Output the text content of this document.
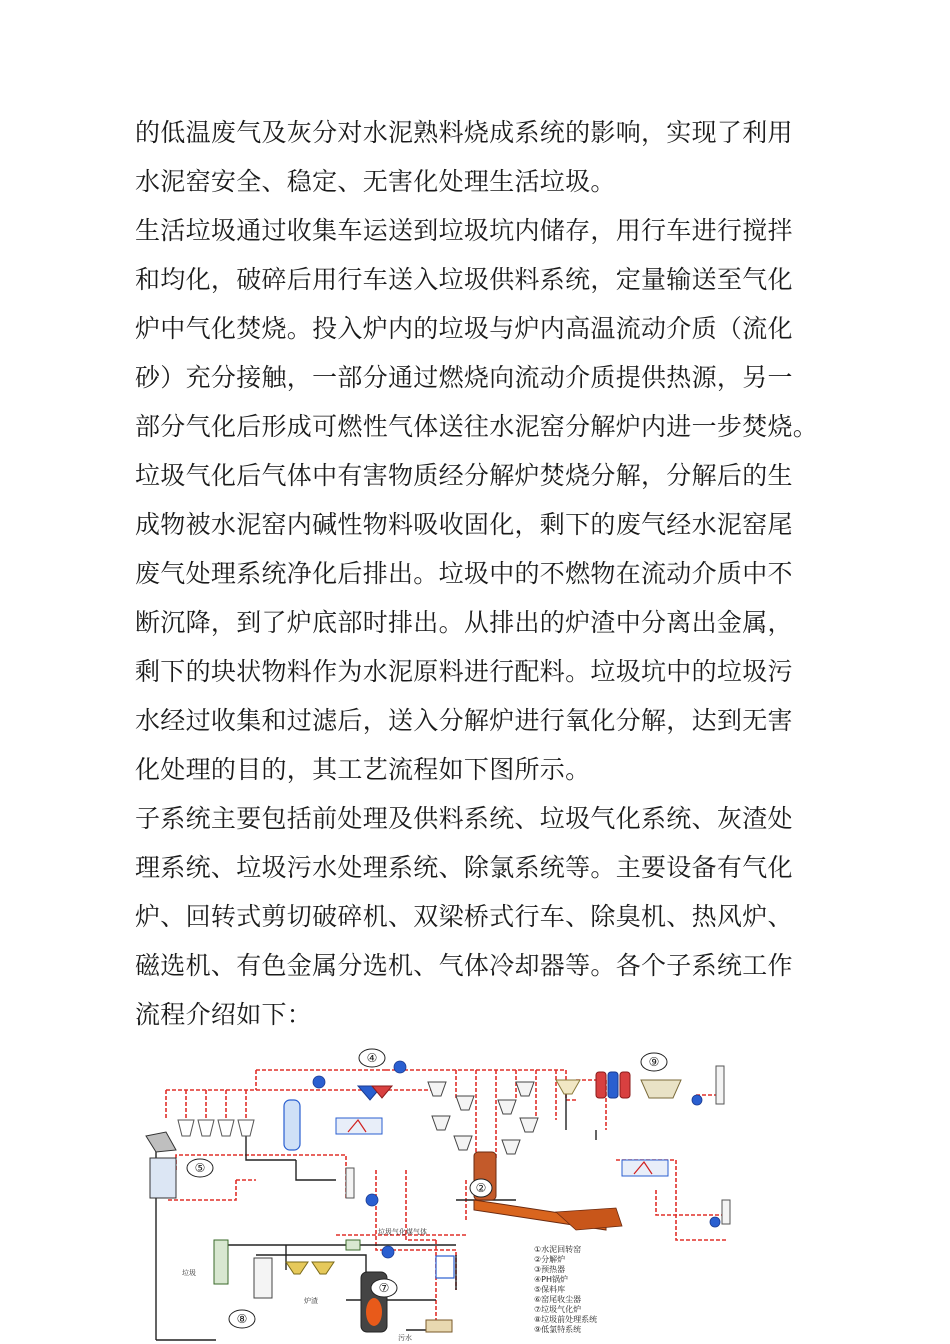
的低温废气及灰分对水泥熟料烧成系统的影响，实现了利用
水泥窑安全、稳定、无害化处理生活垃圾。
生活垃圾通过收集车运送到垃圾坑内储存，用行车进行搅拌
和均化，破碎后用行车送入垃圾供料系统，定量输送至气化
炉中气化焚烧。投入炉内的垃圾与炉内高温流动介质（流化
砂）充分接触，一部分通过燃烧向流动介质提供热源，另一
部分气化后形成可燃性气体送往水泥窑分解炉内进一步焚烧。
垃圾气化后气体中有害物质经分解炉焚烧分解，分解后的生
成物被水泥窑内碱性物料吸收固化，剩下的废气经水泥窑尾
废气处理系统净化后排出。垃圾中的不燃物在流动介质中不
断沉降，到了炉底部时排出。从排出的炉渣中分离出金属，
剩下的块状物料作为水泥原料进行配料。垃圾坑中的垃圾污
水经过收集和过滤后，送入分解炉进行氧化分解，达到无害
化处理的目的，其工艺流程如下图所示。
子系统主要包括前处理及供料系统、垃圾气化系统、灰渣处
理系统、垃圾污水处理系统、除氯系统等。主要设备有气化
炉、回转式剪切破碎机、双梁桥式行车、除臭机、热风炉、
磁选机、有色金属分选机、气体冷却器等。各个子系统工作
流程介绍如下：
④
②
⑤
⑨
⑦
⑧
垃圾气化煤气体
垃圾
炉渣
污水
①水泥回转窑
②分解炉
③预热器
④PH锅炉
⑤保料库
⑥窑尾收尘器
⑦垃圾气化炉
⑧垃圾前处理系统
⑨低氯特系统
